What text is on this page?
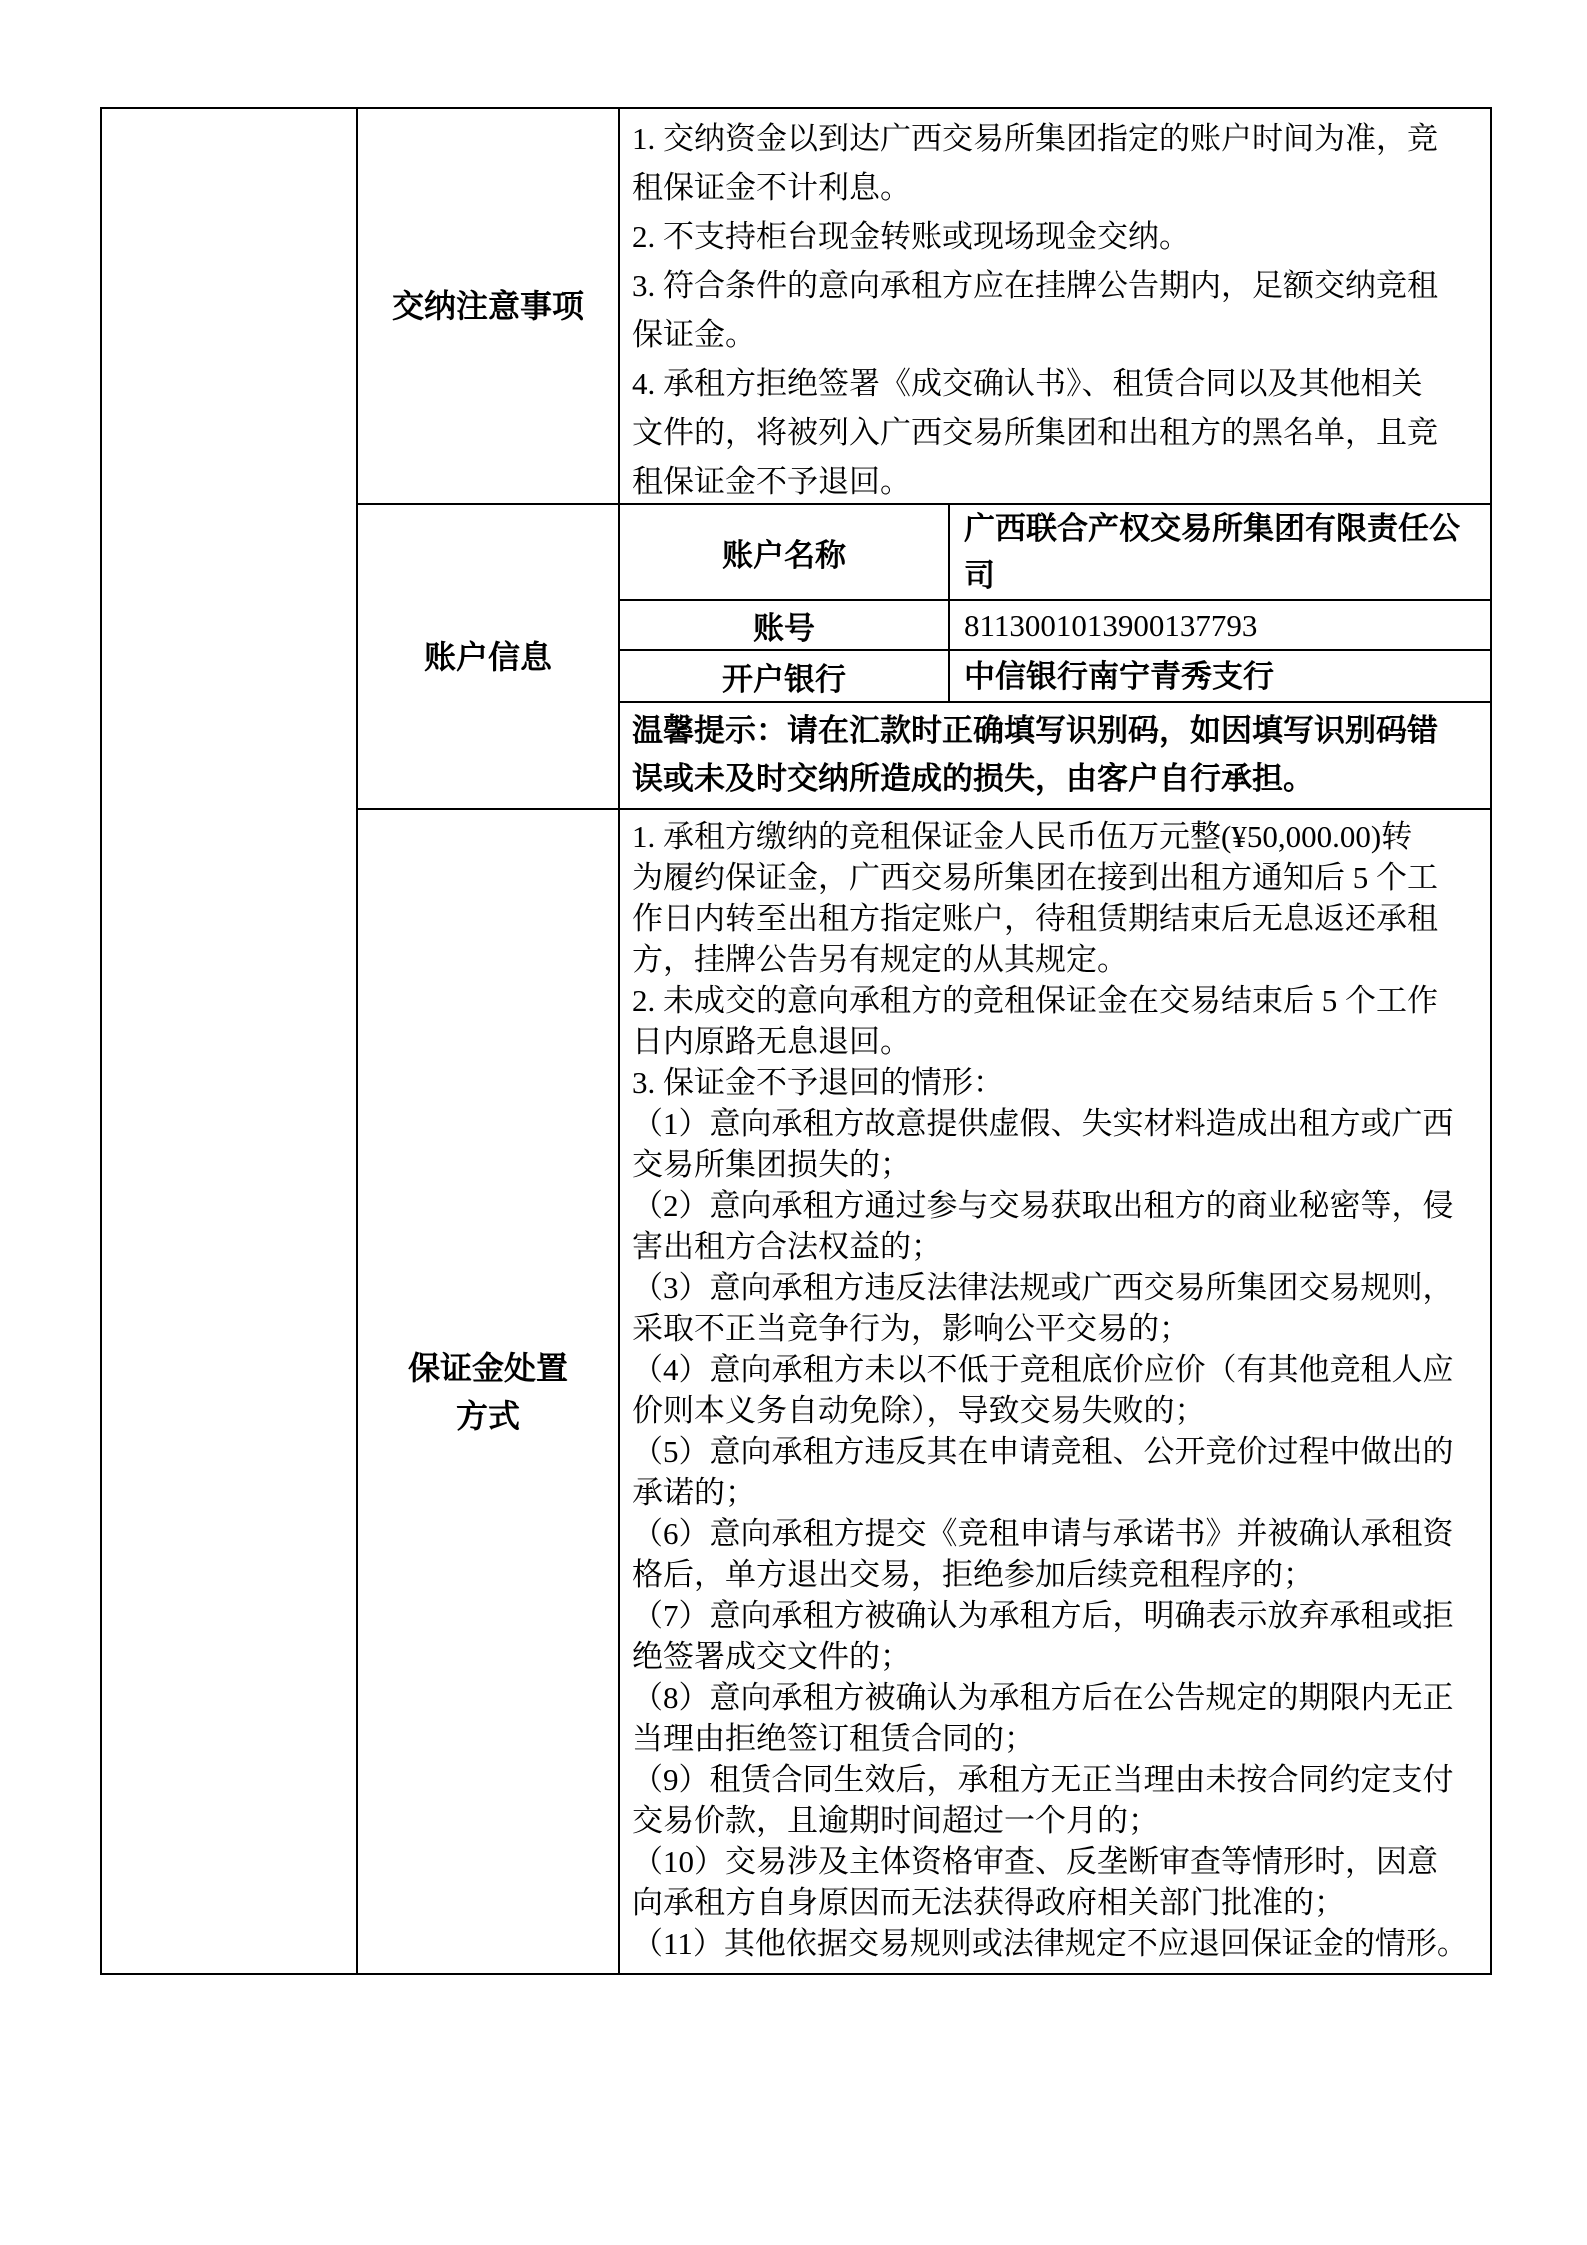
交纳注意事项
1. 交纳资金以到达广西交易所集团指定的账户时间为准，竞
租保证金不计利息。
2. 不支持柜台现金转账或现场现金交纳。
3. 符合条件的意向承租方应在挂牌公告期内，足额交纳竞租
保证金。
4. 承租方拒绝签署《成交确认书》、租赁合同以及其他相关
文件的，将被列入广西交易所集团和出租方的黑名单，且竞
租保证金不予退回。
账户信息
账户名称
广西联合产权交易所集团有限责任公司
账号	8113001013900137793
开户银行	中信银行南宁青秀支行
温馨提示：请在汇款时正确填写识别码，如因填写识别码错
误或未及时交纳所造成的损失，由客户自行承担。
保证金处置
方式
1. 承租方缴纳的竞租保证金人民币伍万元整(¥50,000.00)转
为履约保证金，广西交易所集团在接到出租方通知后 5 个工
作日内转至出租方指定账户，待租赁期结束后无息返还承租
方，挂牌公告另有规定的从其规定。
2. 未成交的意向承租方的竞租保证金在交易结束后 5 个工作
日内原路无息退回。
3. 保证金不予退回的情形：
（1）意向承租方故意提供虚假、失实材料造成出租方或广西
交易所集团损失的；
（2）意向承租方通过参与交易获取出租方的商业秘密等，侵
害出租方合法权益的；
（3）意向承租方违反法律法规或广西交易所集团交易规则，
采取不正当竞争行为，影响公平交易的；
（4）意向承租方未以不低于竞租底价应价（有其他竞租人应
价则本义务自动免除），导致交易失败的；
（5）意向承租方违反其在申请竞租、公开竞价过程中做出的
承诺的；
（6）意向承租方提交《竞租申请与承诺书》并被确认承租资
格后，单方退出交易，拒绝参加后续竞租程序的；
（7）意向承租方被确认为承租方后，明确表示放弃承租或拒
绝签署成交文件的；
（8）意向承租方被确认为承租方后在公告规定的期限内无正
当理由拒绝签订租赁合同的；
（9）租赁合同生效后，承租方无正当理由未按合同约定支付
交易价款，且逾期时间超过一个月的；
（10）交易涉及主体资格审查、反垄断审查等情形时，因意
向承租方自身原因而无法获得政府相关部门批准的；
（11）其他依据交易规则或法律规定不应退回保证金的情形。
